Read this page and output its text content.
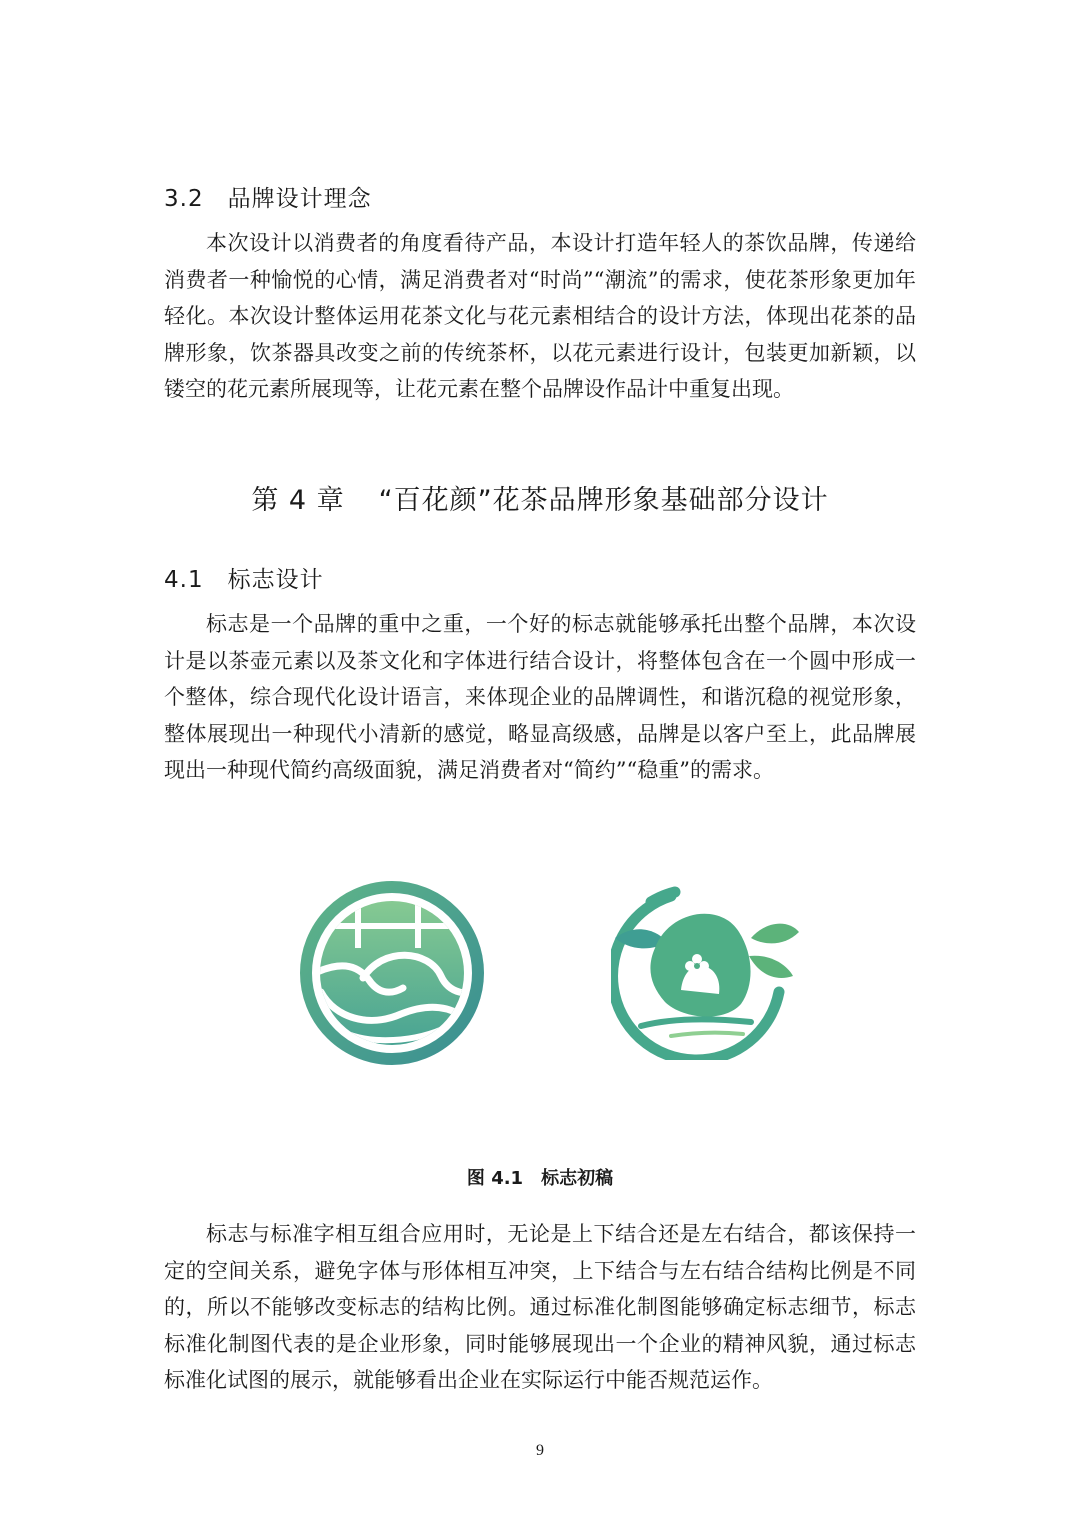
3.2 品牌设计理念

本次设计以消费者的角度看待产品，本设计打造年轻人的茶饮品牌，传递给消费者一种愉悦的心情，满足消费者对“时尚”“潮流”的需求，使花茶形象更加年轻化。本次设计整体运用花茶文化与花元素相结合的设计方法，体现出花茶的品牌形象，饮茶器具改变之前的传统茶杯，以花元素进行设计，包装更加新颖，以镂空的花元素所展现等，让花元素在整个品牌设作品计中重复出现。

第 4 章 “百花颜”花茶品牌形象基础部分设计
4.1 标志设计

标志是一个品牌的重中之重，一个好的标志就能够承托出整个品牌，本次设计是以茶壶元素以及茶文化和字体进行结合设计，将整体包含在一个圆中形成一个整体，综合现代化设计语言，来体现企业的品牌调性，和谐沉稳的视觉形象，整体展现出一种现代小清新的感觉，略显高级感，品牌是以客户至上，此品牌展现出一种现代简约高级面貌，满足消费者对“简约”“稳重”的需求。

图 4.1 标志初稿

标志与标准字相互组合应用时，无论是上下结合还是左右结合，都该保持一定的空间关系，避免字体与形体相互冲突，上下结合与左右结合结构比例是不同的，所以不能够改变标志的结构比例。通过标准化制图能够确定标志细节，标志标准化制图代表的是企业形象，同时能够展现出一个企业的精神风貌，通过标志标准化试图的展示，就能够看出企业在实际运行中能否规范运作。

9
